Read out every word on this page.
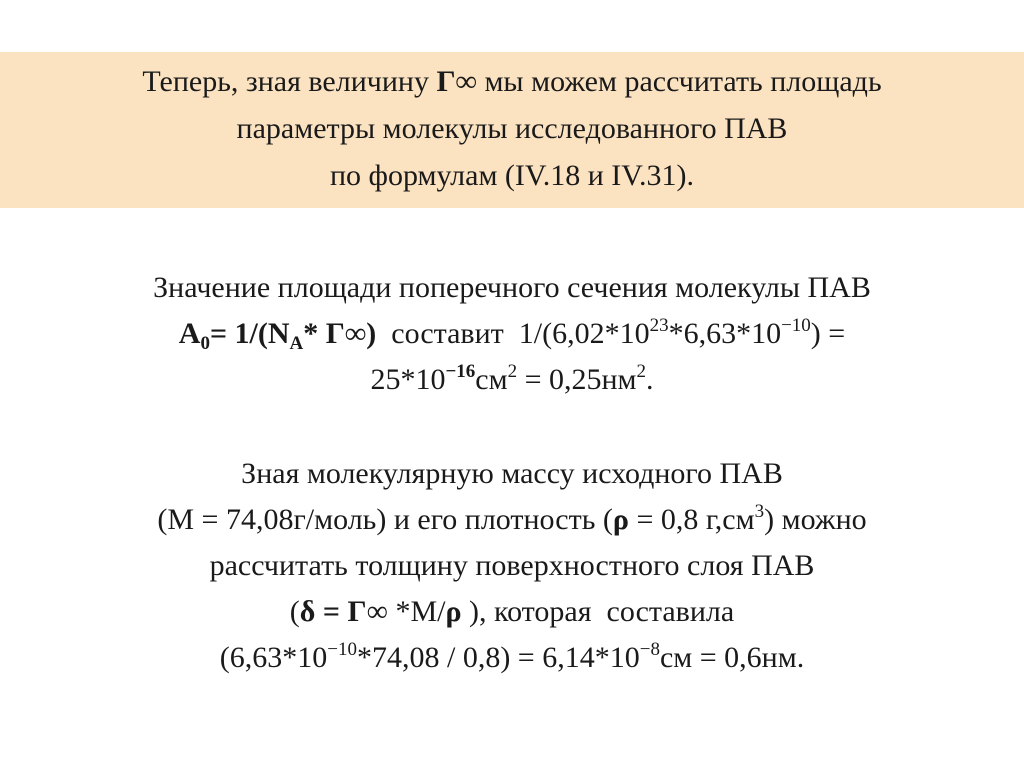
Теперь, зная величину Г∞ мы можем рассчитать площадь
параметры молекулы исследованного ПАВ
по формулам (IV.18 и IV.31).
Значение площади поперечного сечения молекулы ПАВ
$A_0= 1/(N_A*$ Г∞)  составит  $1/(6,02*10^{23}*6,63*10^{-10})$ =
$25*10^{-16}см^2 = 0,25нм^2$.
Зная молекулярную массу исходного ПАВ
(М = 74,08г/моль) и его плотность (ρ = 0,8 $г,см^3$) можно
рассчитать толщину поверхностного слоя ПАВ
(δ = Г∞ *М/ρ ), которая  составила
$(6,63*10^{-10}*74,08 / 0,8) = 6,14*10^{-8}см = 0,6нм$.
